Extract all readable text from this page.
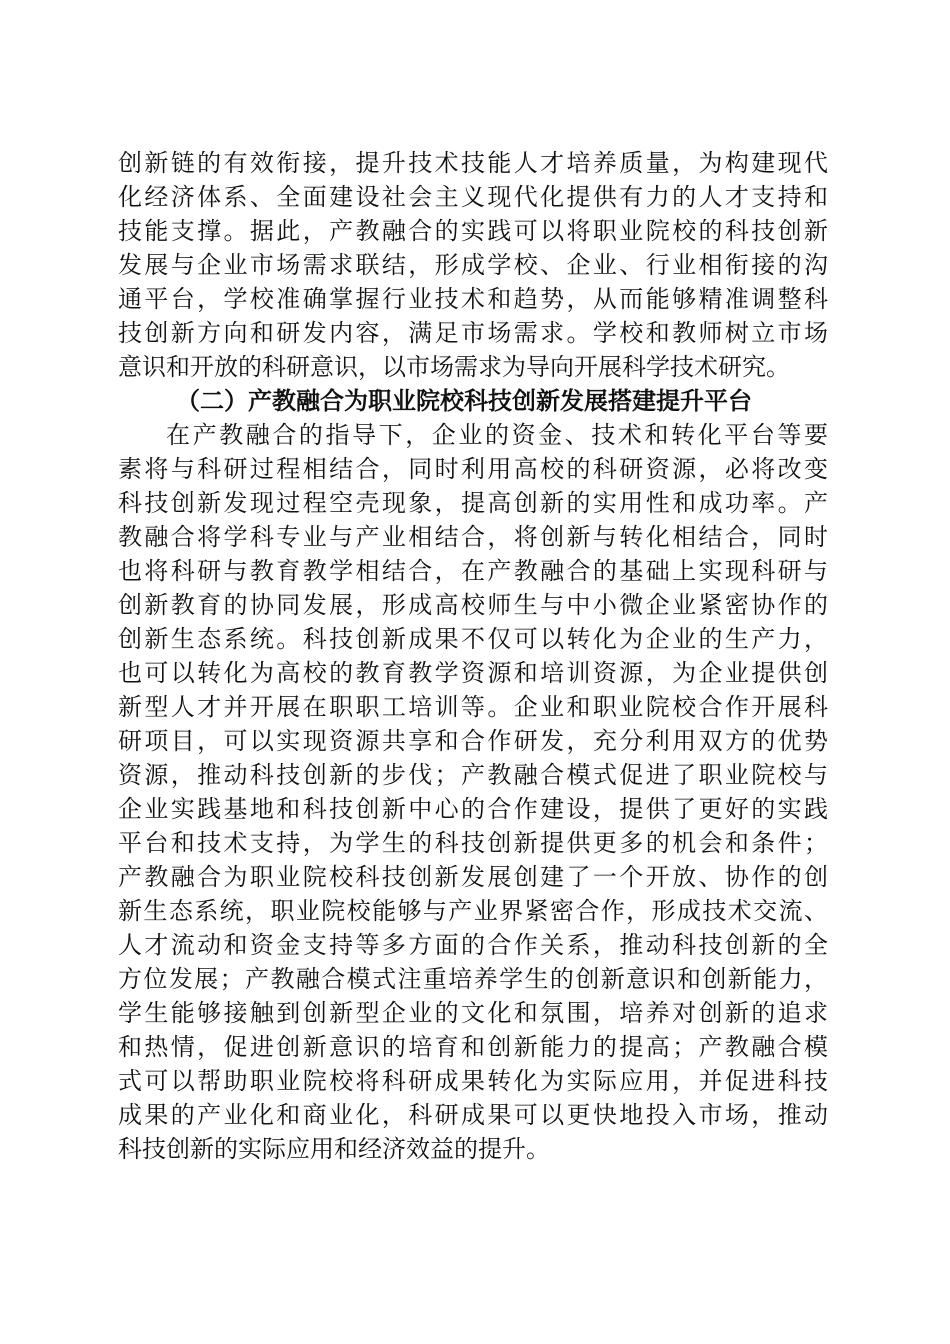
创新链的有效衔接，提升技术技能人才培养质量，为构建现代
化经济体系、全面建设社会主义现代化提供有力的人才支持和
技能支撑。据此，产教融合的实践可以将职业院校的科技创新
发展与企业市场需求联结，形成学校、企业、行业相衔接的沟
通平台，学校准确掌握行业技术和趋势，从而能够精准调整科
技创新方向和研发内容，满足市场需求。学校和教师树立市场
意识和开放的科研意识，以市场需求为导向开展科学技术研究。
（二）产教融合为职业院校科技创新发展搭建提升平台
在产教融合的指导下，企业的资金、技术和转化平台等要
素将与科研过程相结合，同时利用高校的科研资源，必将改变
科技创新发现过程空壳现象，提高创新的实用性和成功率。产
教融合将学科专业与产业相结合，将创新与转化相结合，同时
也将科研与教育教学相结合，在产教融合的基础上实现科研与
创新教育的协同发展，形成高校师生与中小微企业紧密协作的
创新生态系统。科技创新成果不仅可以转化为企业的生产力，
也可以转化为高校的教育教学资源和培训资源，为企业提供创
新型人才并开展在职职工培训等。企业和职业院校合作开展科
研项目，可以实现资源共享和合作研发，充分利用双方的优势
资源，推动科技创新的步伐；产教融合模式促进了职业院校与
企业实践基地和科技创新中心的合作建设，提供了更好的实践
平台和技术支持，为学生的科技创新提供更多的机会和条件；
产教融合为职业院校科技创新发展创建了一个开放、协作的创
新生态系统，职业院校能够与产业界紧密合作，形成技术交流、
人才流动和资金支持等多方面的合作关系，推动科技创新的全
方位发展；产教融合模式注重培养学生的创新意识和创新能力，
学生能够接触到创新型企业的文化和氛围，培养对创新的追求
和热情，促进创新意识的培育和创新能力的提高；产教融合模
式可以帮助职业院校将科研成果转化为实际应用，并促进科技
成果的产业化和商业化，科研成果可以更快地投入市场，推动
科技创新的实际应用和经济效益的提升。
